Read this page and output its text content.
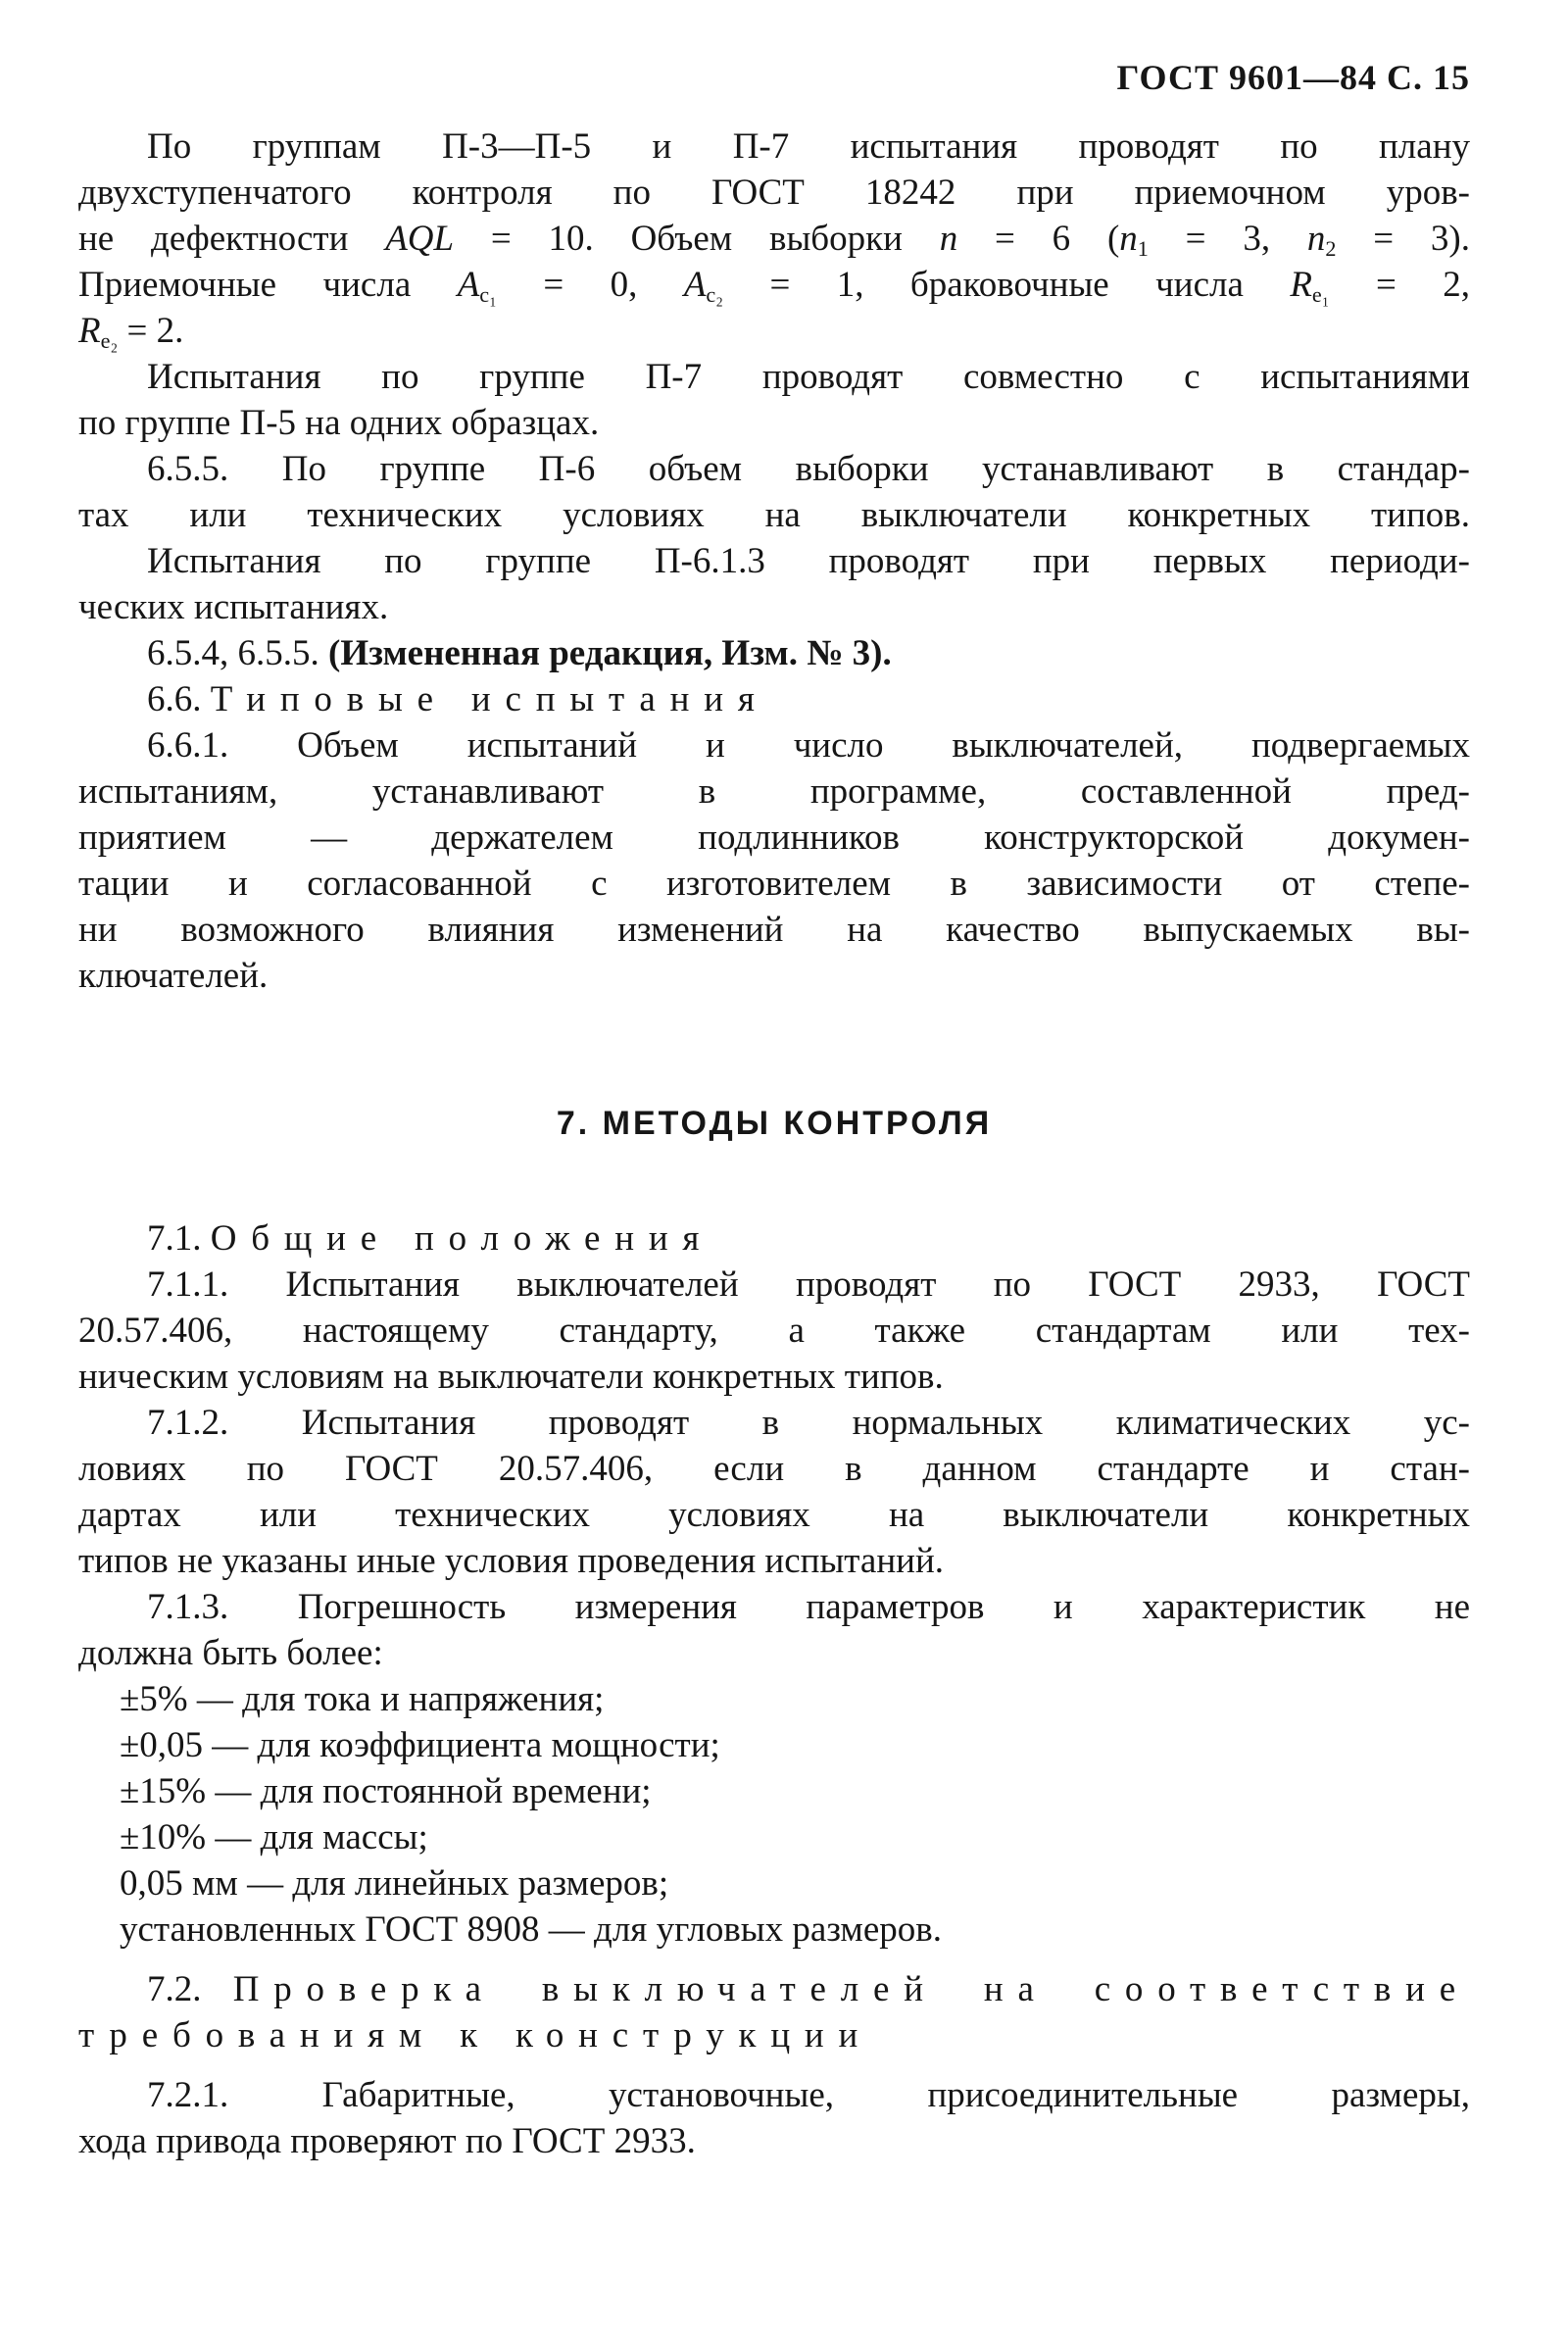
ГОСТ 9601—84 С. 15
По группам П-3—П-5 и П-7 испытания проводят по плану
двухступенчатого контроля по ГОСТ 18242 при приемочном уров-
не дефектности AQL = 10. Объем выборки n = 6 ($n_1 = 3$, $n_2 = 3$).
Приемочные числа $A_{c_1} = 0$, $A_{c_2} = 1$, браковочные числа $R_{e_1} = 2$,
$R_{e_2} = 2$.
Испытания по группе П-7 проводят совместно с испытаниями
по группе П-5 на одних образцах.
6.5.5. По группе П-6 объем выборки устанавливают в стандар-
тах или технических условиях на выключатели конкретных типов.
Испытания по группе П-6.1.3 проводят при первых периоди-
ческих испытаниях.
6.5.4, 6.5.5. (Измененная редакция, Изм. № 3).
6.6. Типовые испытания
6.6.1. Объем испытаний и число выключателей, подвергаемых
испытаниям, устанавливают в программе, составленной пред-
приятием — держателем подлинников конструкторской докумен-
тации и согласованной с изготовителем в зависимости от степе-
ни возможного влияния изменений на качество выпускаемых вы-
ключателей.
7. МЕТОДЫ КОНТРОЛЯ
7.1. Общие положения
7.1.1. Испытания выключателей проводят по ГОСТ 2933, ГОСТ
20.57.406, настоящему стандарту, а также стандартам или тех-
ническим условиям на выключатели конкретных типов.
7.1.2. Испытания проводят в нормальных климатических ус-
ловиях по ГОСТ 20.57.406, если в данном стандарте и стан-
дартах или технических условиях на выключатели конкретных
типов не указаны иные условия проведения испытаний.
7.1.3. Погрешность измерения параметров и характеристик не
должна быть более:
±5% — для тока и напряжения;
±0,05 — для коэффициента мощности;
±15% — для постоянной времени;
±10% — для массы;
0,05 мм — для линейных размеров;
установленных ГОСТ 8908 — для угловых размеров.
7.2. Проверка выключателей на соответствие
требованиям к конструкции
7.2.1. Габаритные, установочные, присоединительные размеры,
хода привода проверяют по ГОСТ 2933.
